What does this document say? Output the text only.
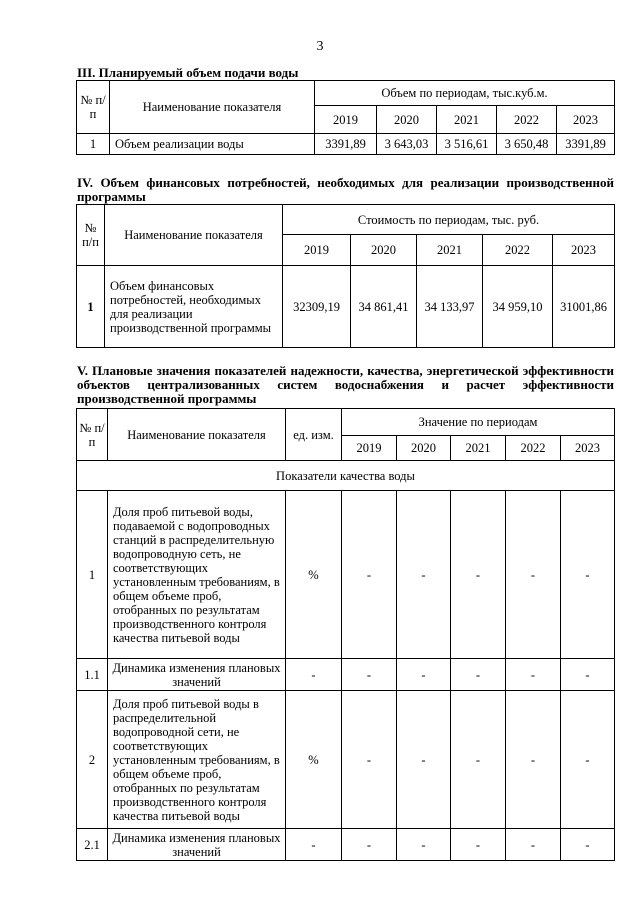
3
III. Планируемый объем подачи воды
№ п/п	Наименование показателя	Объем по периодам, тыс.куб.м.				
		2019	2020	2021	2022	2023
1	Объем реализации воды	3391,89	3 643,03	3 516,61	3 650,48	3391,89
IV. Объем финансовых потребностей, необходимых для реализации производственной программы
№ п/п	Наименование показателя	Стоимость по периодам, тыс. руб.				
		2019	2020	2021	2022	2023
1	Объем финансовых потребностей, необходимых для реализации производственной программы	32309,19	34 861,41	34 133,97	34 959,10	31001,86
V. Плановые значения показателей надежности, качества, энергетической эффективности объектов централизованных систем водоснабжения и расчет эффективности производственной программы
№ п/п	Наименование показателя	ед. изм.	Значение по периодам				
			2019	2020	2021	2022	2023
Показатели качества воды							
1	Доля проб питьевой воды, подаваемой с водопроводных станций в распределительную водопроводную сеть, не соответствующих установленным требованиям, в общем объеме проб, отобранных по результатам производственного контроля качества питьевой воды	%	-	-	-	-	-
1.1	Динамика изменения плановых значений	-	-	-	-	-	-
2	Доля проб питьевой воды в распределительной водопроводной сети, не соответствующих установленным требованиям, в общем объеме проб, отобранных по результатам производственного контроля качества питьевой воды	%	-	-	-	-	-
2.1	Динамика изменения плановых значений	-	-	-	-	-	-
